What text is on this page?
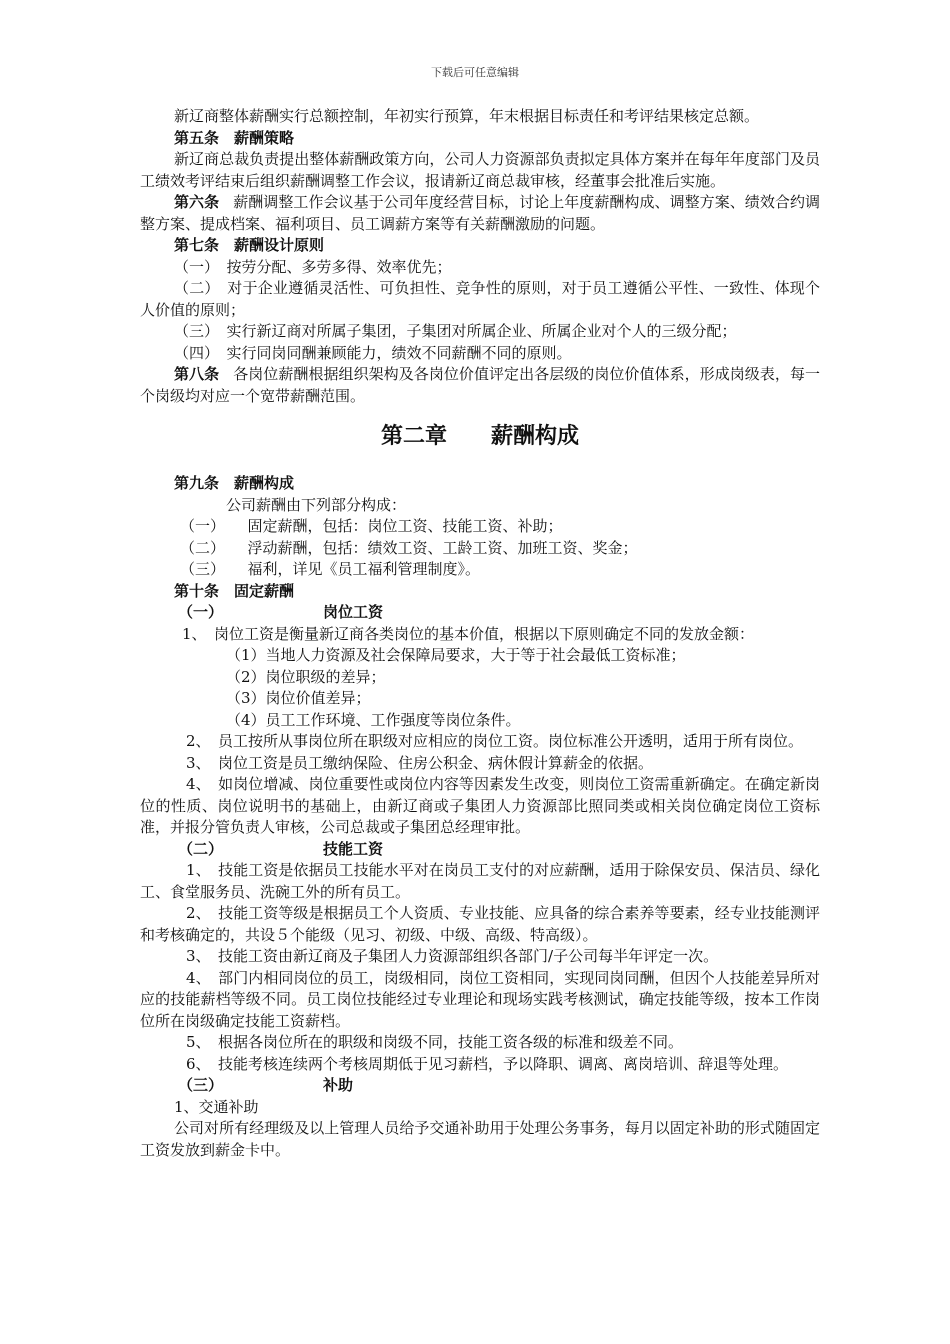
下载后可任意编辑

新辽商整体薪酬实行总额控制，年初实行预算，年末根据目标责任和考评结果核定总额。

第五条　薪酬策略

新辽商总裁负责提出整体薪酬政策方向，公司人力资源部负责拟定具体方案并在每年年度部门及员工绩效考评结束后组织薪酬调整工作会议，报请新辽商总裁审核，经董事会批准后实施。

第六条 薪酬调整工作会议基于公司年度经营目标，讨论上年度薪酬构成、调整方案、绩效合约调整方案、提成档案、福利项目、员工调薪方案等有关薪酬激励的问题。

第七条　薪酬设计原则

（一）　按劳分配、多劳多得、效率优先；

（二）　对于企业遵循灵活性、可负担性、竞争性的原则，对于员工遵循公平性、一致性、体现个人价值的原则；

（三）　实行新辽商对所属子集团，子集团对所属企业、所属企业对个人的三级分配；

（四）　实行同岗同酬兼顾能力，绩效不同薪酬不同的原则。

第八条 各岗位薪酬根据组织架构及各岗位价值评定出各层级的岗位价值体系，形成岗级表，每一个岗级均对应一个宽带薪酬范围。

第二章　　薪酬构成

第九条　薪酬构成

公司薪酬由下列部分构成：

（一）　　固定薪酬，包括：岗位工资、技能工资、补助；

（二）　　浮动薪酬，包括：绩效工资、工龄工资、加班工资、奖金；

（三）　　福利，详见《员工福利管理制度》。

第十条　固定薪酬

（一）	岗位工资

1、　岗位工资是衡量新辽商各类岗位的基本价值，根据以下原则确定不同的发放金额：

（1）当地人力资源及社会保障局要求，大于等于社会最低工资标准；

（2）岗位职级的差异；

（3）岗位价值差异；

（4）员工工作环境、工作强度等岗位条件。

2、　员工按所从事岗位所在职级对应相应的岗位工资。岗位标准公开透明，适用于所有岗位。

3、　岗位工资是员工缴纳保险、住房公积金、病休假计算薪金的依据。

4、　如岗位增减、岗位重要性或岗位内容等因素发生改变，则岗位工资需重新确定。在确定新岗位的性质、岗位说明书的基础上，由新辽商或子集团人力资源部比照同类或相关岗位确定岗位工资标准，并报分管负责人审核，公司总裁或子集团总经理审批。

（二）	技能工资

1、　技能工资是依据员工技能水平对在岗员工支付的对应薪酬，适用于除保安员、保洁员、绿化工、食堂服务员、洗碗工外的所有员工。

2、　技能工资等级是根据员工个人资质、专业技能、应具备的综合素养等要素，经专业技能测评和考核确定的，共设５个能级（见习、初级、中级、高级、特高级）。

3、　技能工资由新辽商及子集团人力资源部组织各部门/子公司每半年评定一次。

4、　部门内相同岗位的员工，岗级相同，岗位工资相同，实现同岗同酬，但因个人技能差异所对应的技能薪档等级不同。员工岗位技能经过专业理论和现场实践考核测试，确定技能等级，按本工作岗位所在岗级确定技能工资薪档。

5、　根据各岗位所在的职级和岗级不同，技能工资各级的标准和级差不同。

6、　技能考核连续两个考核周期低于见习薪档，予以降职、调离、离岗培训、辞退等处理。

（三）	补助

1、交通补助

公司对所有经理级及以上管理人员给予交通补助用于处理公务事务，每月以固定补助的形式随固定工资发放到薪金卡中。
